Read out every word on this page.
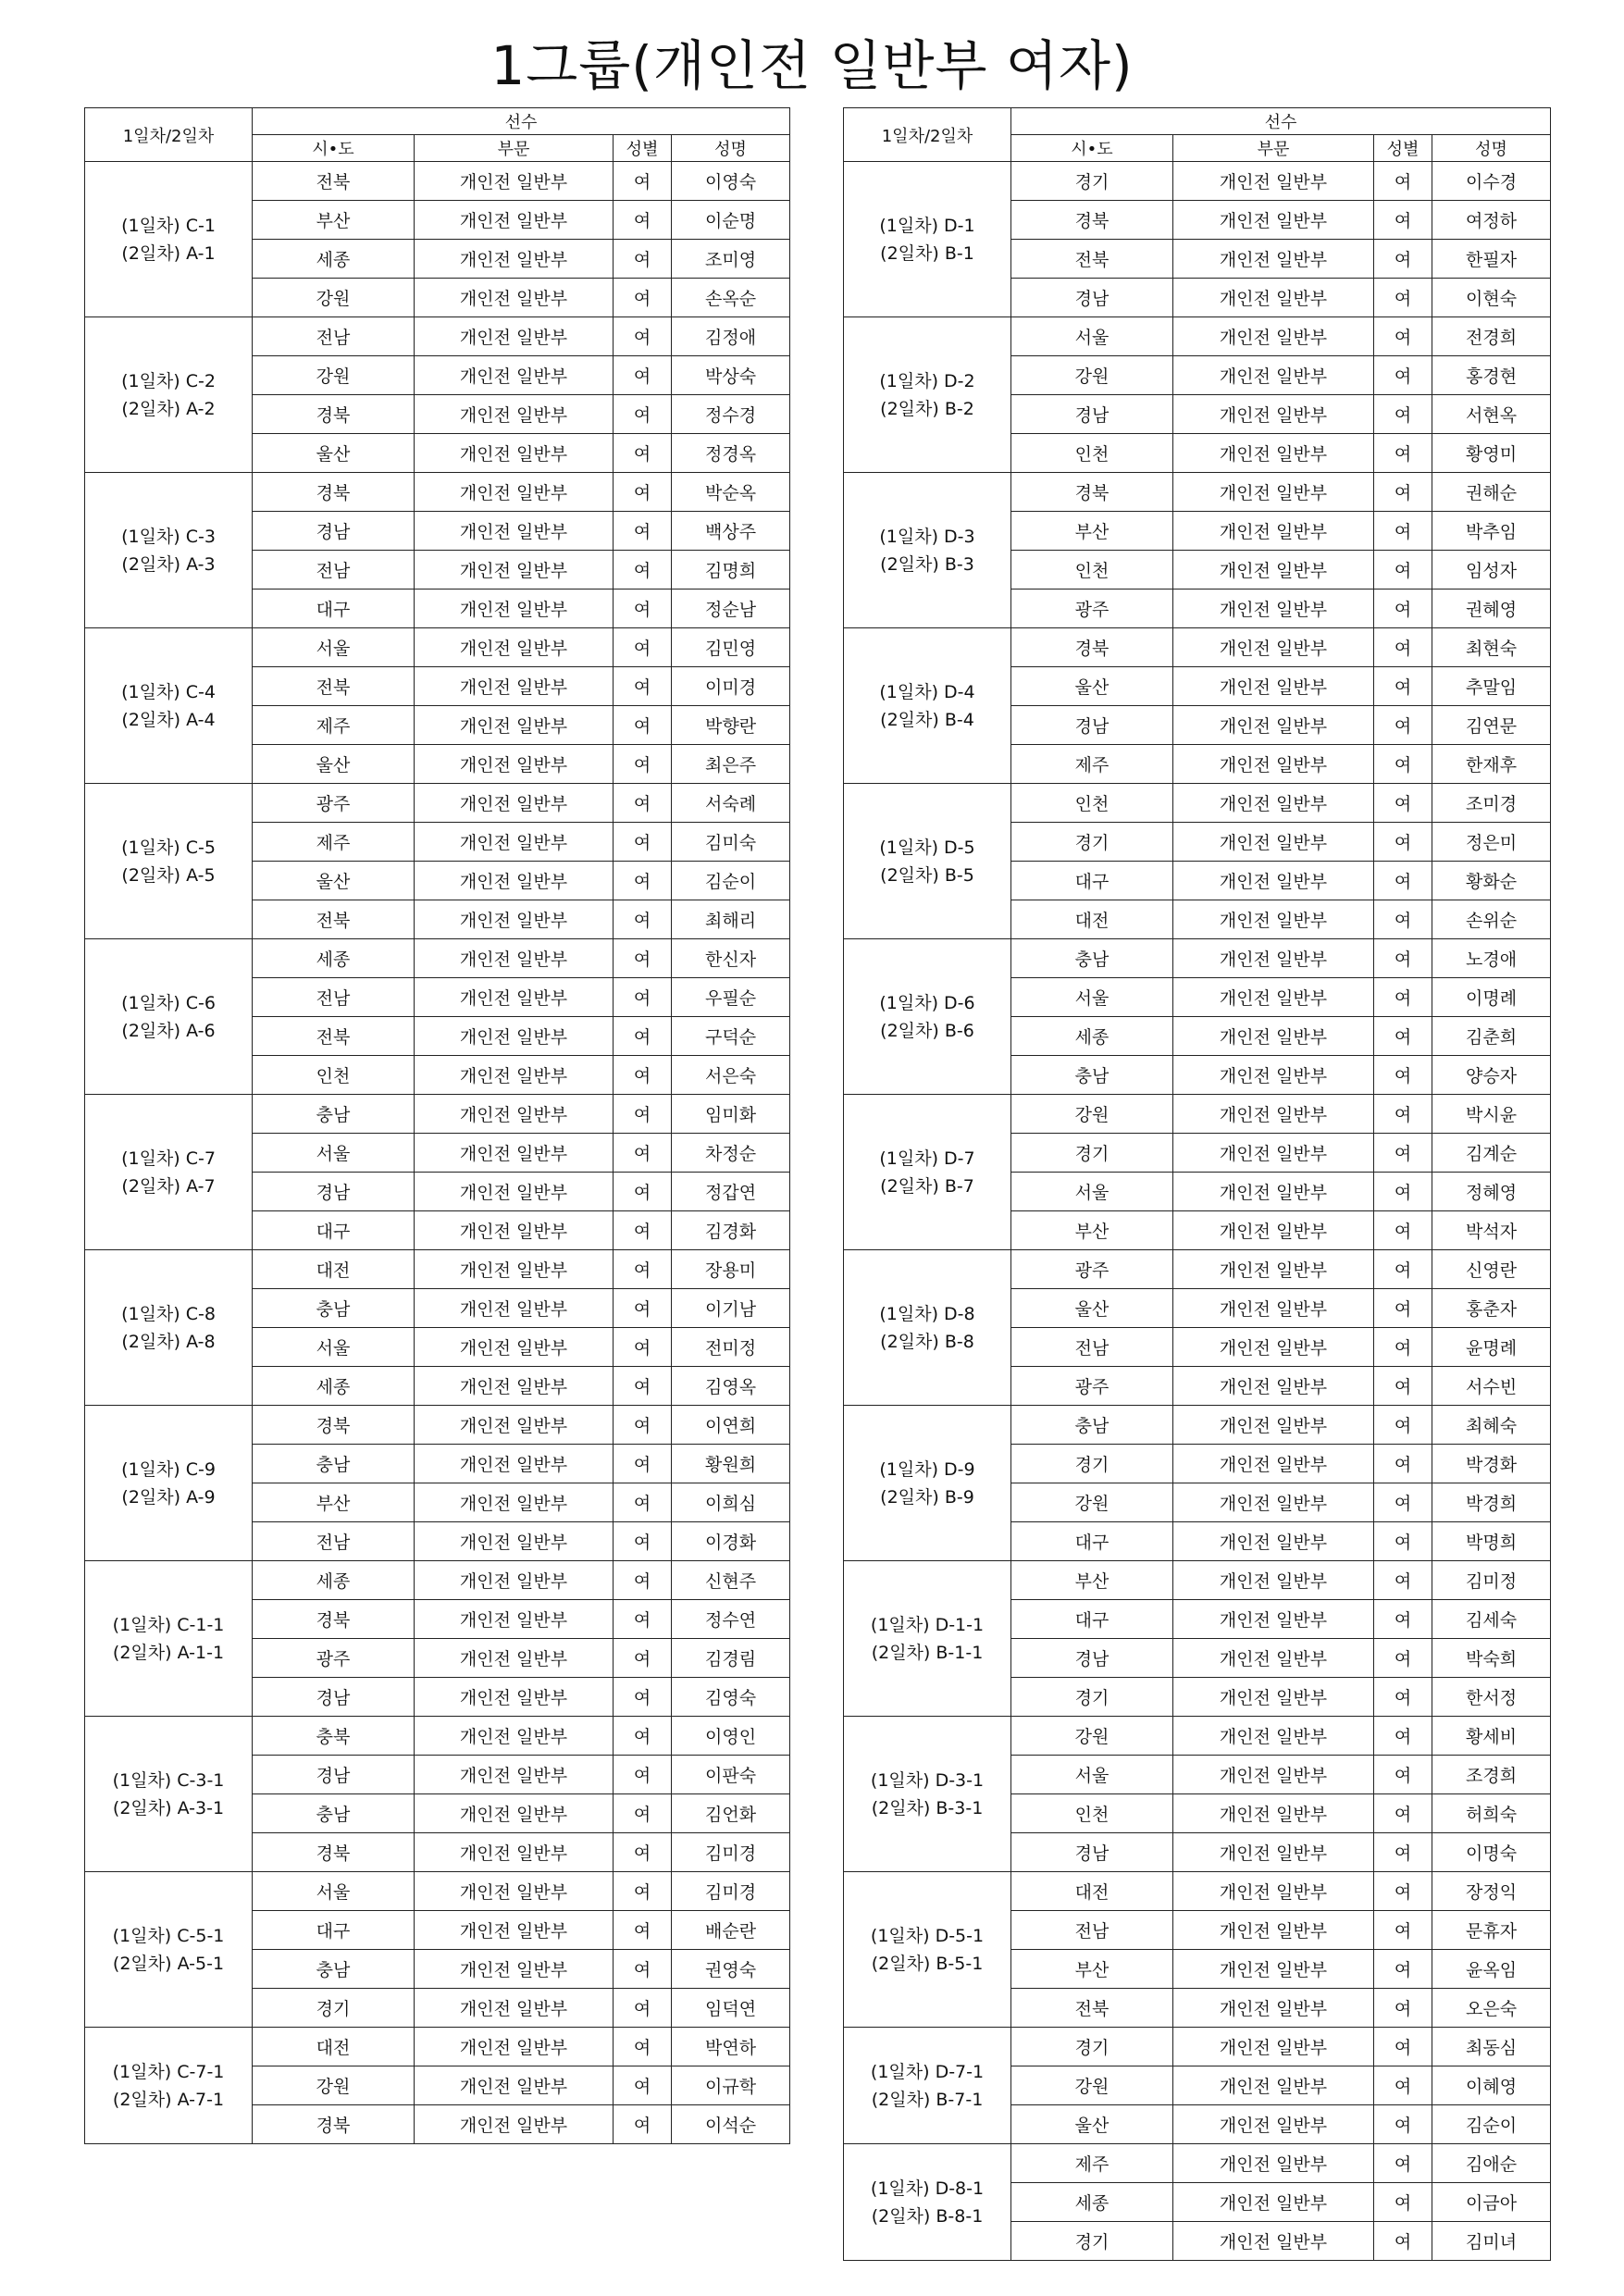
1그룹(개인전 일반부 여자)
1일차/2일차	선수			
	시•도	부문	성별	성명

(1일차) C-1
(2일차) A-1	전북	개인전 일반부	여	이영숙
	부산	개인전 일반부	여	이순명
	세종	개인전 일반부	여	조미영
	강원	개인전 일반부	여	손옥순

(1일차) C-2
(2일차) A-2	전남	개인전 일반부	여	김정애
	강원	개인전 일반부	여	박상숙
	경북	개인전 일반부	여	정수경
	울산	개인전 일반부	여	정경옥

(1일차) C-3
(2일차) A-3	경북	개인전 일반부	여	박순옥
	경남	개인전 일반부	여	백상주
	전남	개인전 일반부	여	김명희
	대구	개인전 일반부	여	정순남

(1일차) C-4
(2일차) A-4	서울	개인전 일반부	여	김민영
	전북	개인전 일반부	여	이미경
	제주	개인전 일반부	여	박향란
	울산	개인전 일반부	여	최은주

(1일차) C-5
(2일차) A-5	광주	개인전 일반부	여	서숙례
	제주	개인전 일반부	여	김미숙
	울산	개인전 일반부	여	김순이
	전북	개인전 일반부	여	최해리

(1일차) C-6
(2일차) A-6	세종	개인전 일반부	여	한신자
	전남	개인전 일반부	여	우필순
	전북	개인전 일반부	여	구덕순
	인천	개인전 일반부	여	서은숙

(1일차) C-7
(2일차) A-7	충남	개인전 일반부	여	임미화
	서울	개인전 일반부	여	차정순
	경남	개인전 일반부	여	정갑연
	대구	개인전 일반부	여	김경화

(1일차) C-8
(2일차) A-8	대전	개인전 일반부	여	장용미
	충남	개인전 일반부	여	이기남
	서울	개인전 일반부	여	전미정
	세종	개인전 일반부	여	김영옥

(1일차) C-9
(2일차) A-9	경북	개인전 일반부	여	이연희
	충남	개인전 일반부	여	황원희
	부산	개인전 일반부	여	이희심
	전남	개인전 일반부	여	이경화

(1일차) C-1-1
(2일차) A-1-1	세종	개인전 일반부	여	신현주
	경북	개인전 일반부	여	정수연
	광주	개인전 일반부	여	김경림
	경남	개인전 일반부	여	김영숙

(1일차) C-3-1
(2일차) A-3-1	충북	개인전 일반부	여	이영인
	경남	개인전 일반부	여	이판숙
	충남	개인전 일반부	여	김언화
	경북	개인전 일반부	여	김미경

(1일차) C-5-1
(2일차) A-5-1	서울	개인전 일반부	여	김미경
	대구	개인전 일반부	여	배순란
	충남	개인전 일반부	여	권영숙
	경기	개인전 일반부	여	임덕연

(1일차) C-7-1
(2일차) A-7-1	대전	개인전 일반부	여	박연하
	강원	개인전 일반부	여	이규학
	경북	개인전 일반부	여	이석순
1일차/2일차	선수			
	시•도	부문	성별	성명

(1일차) D-1
(2일차) B-1	경기	개인전 일반부	여	이수경
	경북	개인전 일반부	여	여정하
	전북	개인전 일반부	여	한필자
	경남	개인전 일반부	여	이현숙

(1일차) D-2
(2일차) B-2	서울	개인전 일반부	여	전경희
	강원	개인전 일반부	여	홍경현
	경남	개인전 일반부	여	서현옥
	인천	개인전 일반부	여	황영미

(1일차) D-3
(2일차) B-3	경북	개인전 일반부	여	권해순
	부산	개인전 일반부	여	박추임
	인천	개인전 일반부	여	임성자
	광주	개인전 일반부	여	권혜영

(1일차) D-4
(2일차) B-4	경북	개인전 일반부	여	최현숙
	울산	개인전 일반부	여	추말임
	경남	개인전 일반부	여	김연문
	제주	개인전 일반부	여	한재후

(1일차) D-5
(2일차) B-5	인천	개인전 일반부	여	조미경
	경기	개인전 일반부	여	정은미
	대구	개인전 일반부	여	황화순
	대전	개인전 일반부	여	손위순

(1일차) D-6
(2일차) B-6	충남	개인전 일반부	여	노경애
	서울	개인전 일반부	여	이명례
	세종	개인전 일반부	여	김춘희
	충남	개인전 일반부	여	양승자

(1일차) D-7
(2일차) B-7	강원	개인전 일반부	여	박시윤
	경기	개인전 일반부	여	김계순
	서울	개인전 일반부	여	정혜영
	부산	개인전 일반부	여	박석자

(1일차) D-8
(2일차) B-8	광주	개인전 일반부	여	신영란
	울산	개인전 일반부	여	홍춘자
	전남	개인전 일반부	여	윤명례
	광주	개인전 일반부	여	서수빈

(1일차) D-9
(2일차) B-9	충남	개인전 일반부	여	최혜숙
	경기	개인전 일반부	여	박경화
	강원	개인전 일반부	여	박경희
	대구	개인전 일반부	여	박명희

(1일차) D-1-1
(2일차) B-1-1	부산	개인전 일반부	여	김미정
	대구	개인전 일반부	여	김세숙
	경남	개인전 일반부	여	박숙희
	경기	개인전 일반부	여	한서정

(1일차) D-3-1
(2일차) B-3-1	강원	개인전 일반부	여	황세비
	서울	개인전 일반부	여	조경희
	인천	개인전 일반부	여	허희숙
	경남	개인전 일반부	여	이명숙

(1일차) D-5-1
(2일차) B-5-1	대전	개인전 일반부	여	장정익
	전남	개인전 일반부	여	문휴자
	부산	개인전 일반부	여	윤옥임
	전북	개인전 일반부	여	오은숙

(1일차) D-7-1
(2일차) B-7-1	경기	개인전 일반부	여	최동심
	강원	개인전 일반부	여	이혜영
	울산	개인전 일반부	여	김순이

(1일차) D-8-1
(2일차) B-8-1	제주	개인전 일반부	여	김애순
	세종	개인전 일반부	여	이금아
	경기	개인전 일반부	여	김미녀
